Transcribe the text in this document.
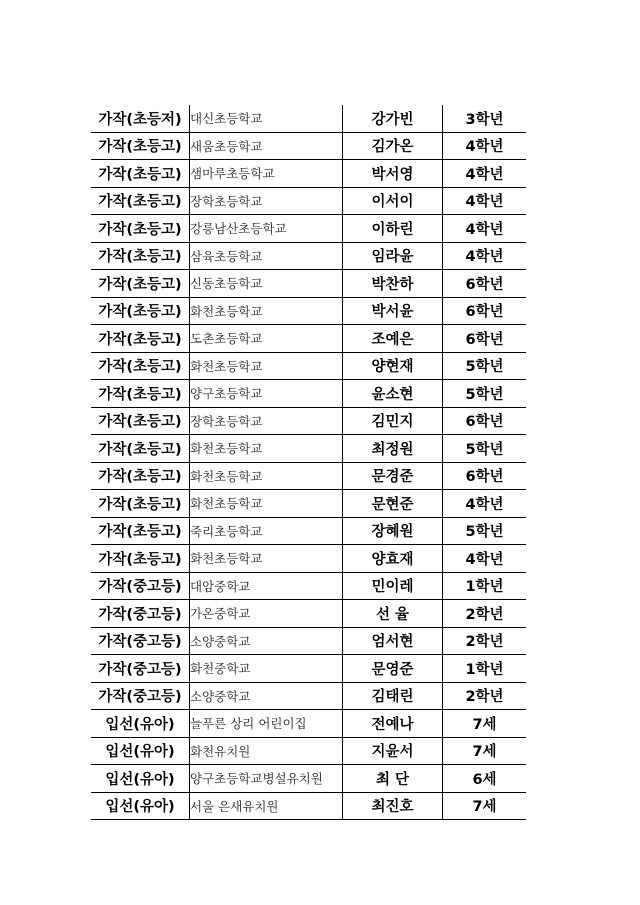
가작(초등저)	대신초등학교	강가빈	3학년
가작(초등고)	새움초등학교	김가온	4학년
가작(초등고)	샘마루초등학교	박서영	4학년
가작(초등고)	장학초등학교	이서이	4학년
가작(초등고)	강릉남산초등학교	이하린	4학년
가작(초등고)	삼육초등학교	임라윤	4학년
가작(초등고)	신동초등학교	박찬하	6학년
가작(초등고)	화천초등학교	박서윤	6학년
가작(초등고)	도촌초등학교	조예은	6학년
가작(초등고)	화천초등학교	양현재	5학년
가작(초등고)	양구초등학교	윤소현	5학년
가작(초등고)	장학초등학교	김민지	6학년
가작(초등고)	화천초등학교	최정원	5학년
가작(초등고)	화천초등학교	문경준	6학년
가작(초등고)	화천초등학교	문현준	4학년
가작(초등고)	죽리초등학교	장혜원	5학년
가작(초등고)	화천초등학교	양효재	4학년
가작(중고등)	대암중학교	민이레	1학년
가작(중고등)	가온중학교	선 율	2학년
가작(중고등)	소양중학교	엄서현	2학년
가작(중고등)	화천중학교	문영준	1학년
가작(중고등)	소양중학교	김태린	2학년
입선(유아)	늘푸른 상리 어린이집	전예나	7세
입선(유아)	화천유치원	지윤서	7세
입선(유아)	양구초등학교병설유치원	최 단	6세
입선(유아)	서울 은새유치원	최진호	7세
